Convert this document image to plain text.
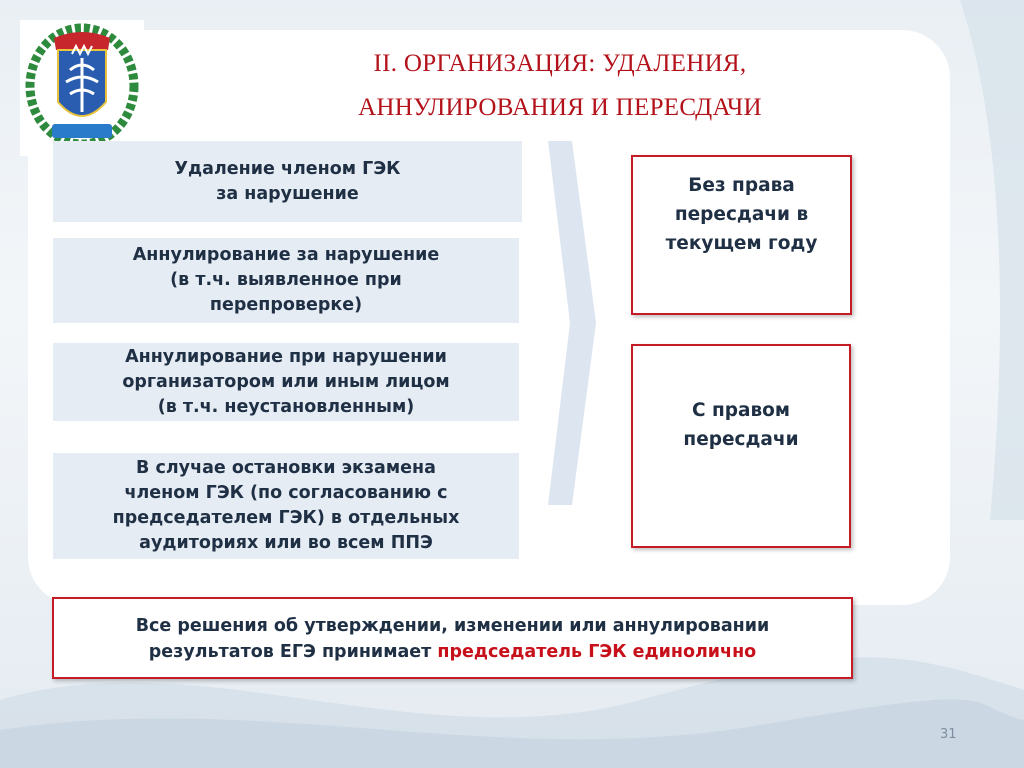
II. ОРГАНИЗАЦИЯ: УДАЛЕНИЯ,
АННУЛИРОВАНИЯ И ПЕРЕСДАЧИ
Удаление членом ГЭК
за нарушение
Аннулирование за нарушение
(в т.ч. выявленное при
перепроверке)
Аннулирование при нарушении
организатором или иным лицом
(в т.ч. неустановленным)
В случае остановки экзамена
членом ГЭК (по согласованию с
председателем ГЭК) в отдельных
аудиториях или во всем ППЭ
Без права
пересдачи в
текущем году
С правом
пересдачи
Все решения об утверждении, изменении или аннулировании
результатов ЕГЭ принимает председатель ГЭК единолично
31
